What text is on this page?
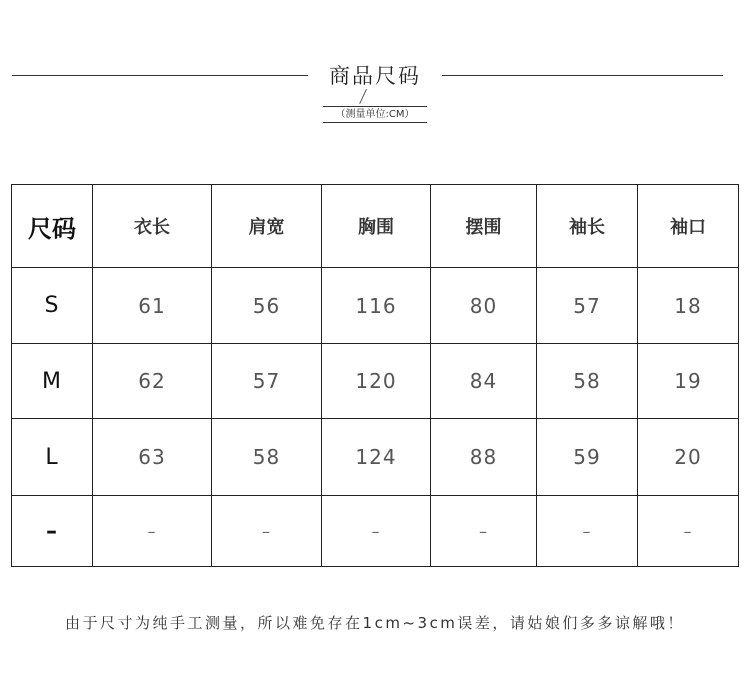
商品尺码
（测量单位:CM）
尺码	衣长	肩宽	胸围	摆围	袖长	袖口
S	61	56	116	80	57	18
M	62	57	120	84	58	19
L	63	58	124	88	59	20
–	–	–	–	–	–	–
由于尺寸为纯手工测量，所以难免存在1cm~3cm误差，请姑娘们多多谅解哦！
